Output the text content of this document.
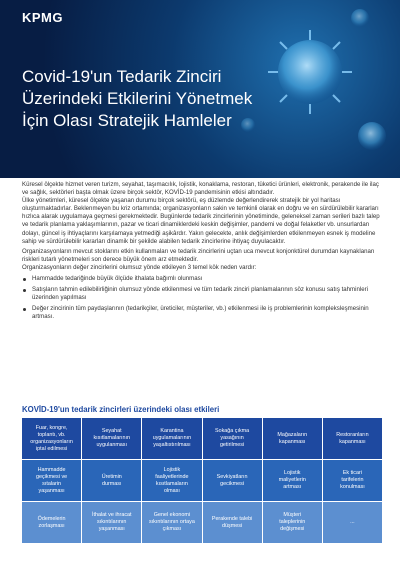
KPMG
Covid-19'un Tedarik Zinciri
Üzerindeki Etkilerini Yönetmek
İçin Olası Stratejik Hamleler

Küresel ölçekte hizmet veren turizm, seyahat, taşımacılık, lojistik, konaklama, restoran, tüketici ürünleri, elektronik, perakende ile ilaç ve sağlık, sektörleri başta olmak üzere birçok sektör, KOVİD-19 pandemisinin etkisi altındadır.

Ülke yönetimleri, küresel ölçekte yaşanan durumu birçok sektörü, eş düzlemde değerlendirerek stratejik bir yol haritası oluşturmaktadırlar. Beklenmeyen bu kriz ortamında; organizasyonların sakin ve temkinli olarak en doğru ve en sürdürülebilir kararları hızlıca alarak uygulamaya geçmesi gerekmektedir. Bugünlerde tedarik zincirlerinin yönetiminde, geleneksel zaman serileri bazlı talep ve tedarik planlama yaklaşımlarının, pazar ve ticari dinamiklerdeki keskin değişimler, pandemi ve doğal felaketler vb. unsurlardan dolayı, güncel iş ihtiyaçlarını karşılamaya yetmediği aşikârdır. Yakın gelecekte, anlık değişimlerden etkilenmeyen esnek iş modeline sahip ve sürdürülebilir kararları dinamik bir şekilde alabilen tedarik zincirlerine ihtiyaç duyulacaktır.

Organizasyonların mevcut stoklarını etkin kullanmaları ve tedarik zincirlerini uçtan uca mevcut konjonktürel durumdan kaynaklanan riskleri tutarlı yönetmeleri son derece büyük önem arz etmektedir.

Organizasyonların değer zincirlerini olumsuz yönde etkileyen 3 temel kök neden vardır:

Hammadde tedariğinde büyük ölçüde ithalata bağımlı olunması
Satışların tahmin edilebilirliğinin olumsuz yönde etkilenmesi ve tüm tedarik zinciri planlamalarının söz konusu satış tahminleri üzerinden yapılması
Değer zincirinin tüm paydaşlarının (tedarikçiler, üreticiler, müşteriler, vb.) etkilenmesi ile iş problemlerinin kompleksleşmesinin artması.
KOVİD-19'un tedarik zincirleri üzerindeki olası etkileri
Fuar, kongre,
toplantı, vb.
organizasyonların
iptal edilmesi
Seyahat
kısıtlamalarının
uygulanması
Karantina
uygulamalarının
yaşaltıstırılması
Sokağa çıkma
yasağının
getirilmesi
Mağazaların
kapanması
Restoranların
kapanması
Hammadde
geçikmesi ve
sıtalarin
yaşanması
Üretimin
durması
Lojistik
faaliyetlerinde
kısıtlamaların
olması
Sevkiyatların
gecikmesi
Lojistik
maliyetlerin
artması
Ek ticari
tarifelerin
konulması
Ödemelerin
zorlaşması
İthalat ve ihracat
sıkıntılarının
yaşanması
Genel ekonomi
sıkıntılarının ortaya
çıkması
Perakende talebi
düşmesi
Müşteri
taleplerinin
değişmesi
...
